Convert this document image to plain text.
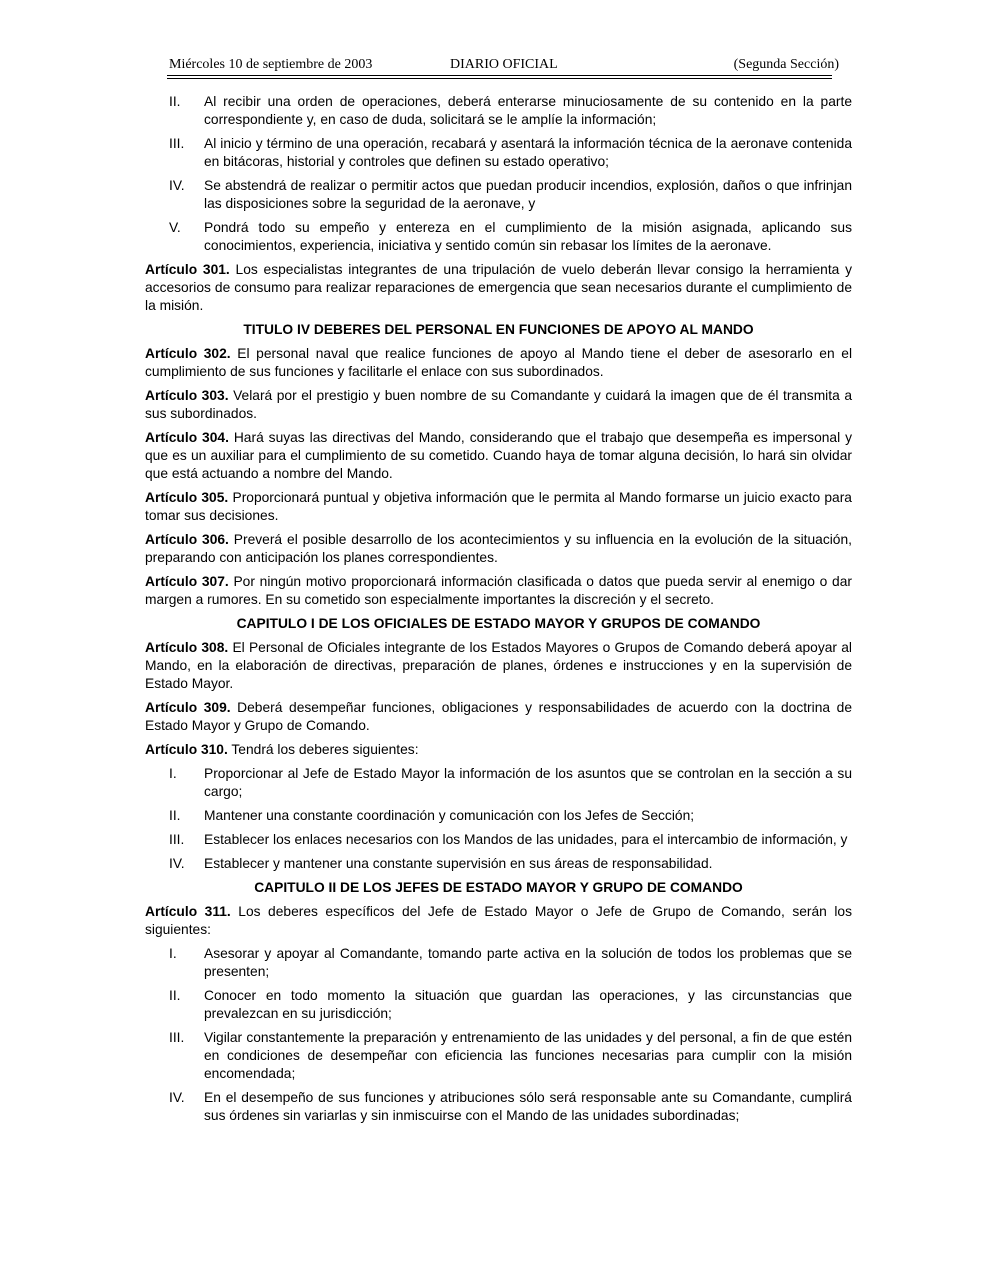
Miércoles 10 de septiembre de 2003	DIARIO OFICIAL	(Segunda Sección)
II. Al recibir una orden de operaciones, deberá enterarse minuciosamente de su contenido en la parte correspondiente y, en caso de duda, solicitará se le amplíe la información;
III. Al inicio y término de una operación, recabará y asentará la información técnica de la aeronave contenida en bitácoras, historial y controles que definen su estado operativo;
IV. Se abstendrá de realizar o permitir actos que puedan producir incendios, explosión, daños o que infrinjan las disposiciones sobre la seguridad de la aeronave, y
V. Pondrá todo su empeño y entereza en el cumplimiento de la misión asignada, aplicando sus conocimientos, experiencia, iniciativa y sentido común sin rebasar los límites de la aeronave.

Artículo 301. Los especialistas integrantes de una tripulación de vuelo deberán llevar consigo la herramienta y accesorios de consumo para realizar reparaciones de emergencia que sean necesarios durante el cumplimiento de la misión.

TITULO IV DEBERES DEL PERSONAL EN FUNCIONES DE APOYO AL MANDO

Artículo 302. El personal naval que realice funciones de apoyo al Mando tiene el deber de asesorarlo en el cumplimiento de sus funciones y facilitarle el enlace con sus subordinados.

Artículo 303. Velará por el prestigio y buen nombre de su Comandante y cuidará la imagen que de él transmita a sus subordinados.

Artículo 304. Hará suyas las directivas del Mando, considerando que el trabajo que desempeña es impersonal y que es un auxiliar para el cumplimiento de su cometido. Cuando haya de tomar alguna decisión, lo hará sin olvidar que está actuando a nombre del Mando.

Artículo 305. Proporcionará puntual y objetiva información que le permita al Mando formarse un juicio exacto para tomar sus decisiones.

Artículo 306. Preverá el posible desarrollo de los acontecimientos y su influencia en la evolución de la situación, preparando con anticipación los planes correspondientes.

Artículo 307. Por ningún motivo proporcionará información clasificada o datos que pueda servir al enemigo o dar margen a rumores. En su cometido son especialmente importantes la discreción y el secreto.

CAPITULO I DE LOS OFICIALES DE ESTADO MAYOR Y GRUPOS DE COMANDO

Artículo 308. El Personal de Oficiales integrante de los Estados Mayores o Grupos de Comando deberá apoyar al Mando, en la elaboración de directivas, preparación de planes, órdenes e instrucciones y en la supervisión de Estado Mayor.

Artículo 309. Deberá desempeñar funciones, obligaciones y responsabilidades de acuerdo con la doctrina de Estado Mayor y Grupo de Comando.

Artículo 310. Tendrá los deberes siguientes:

I. Proporcionar al Jefe de Estado Mayor la información de los asuntos que se controlan en la sección a su cargo;
II. Mantener una constante coordinación y comunicación con los Jefes de Sección;
III. Establecer los enlaces necesarios con los Mandos de las unidades, para el intercambio de información, y
IV. Establecer y mantener una constante supervisión en sus áreas de responsabilidad.
CAPITULO II DE LOS JEFES DE ESTADO MAYOR Y GRUPO DE COMANDO

Artículo 311. Los deberes específicos del Jefe de Estado Mayor o Jefe de Grupo de Comando, serán los siguientes:

I. Asesorar y apoyar al Comandante, tomando parte activa en la solución de todos los problemas que se presenten;
II. Conocer en todo momento la situación que guardan las operaciones, y las circunstancias que prevalezcan en su jurisdicción;
III. Vigilar constantemente la preparación y entrenamiento de las unidades y del personal, a fin de que estén en condiciones de desempeñar con eficiencia las funciones necesarias para cumplir con la misión encomendada;
IV. En el desempeño de sus funciones y atribuciones sólo será responsable ante su Comandante, cumplirá sus órdenes sin variarlas y sin inmiscuirse con el Mando de las unidades subordinadas;
